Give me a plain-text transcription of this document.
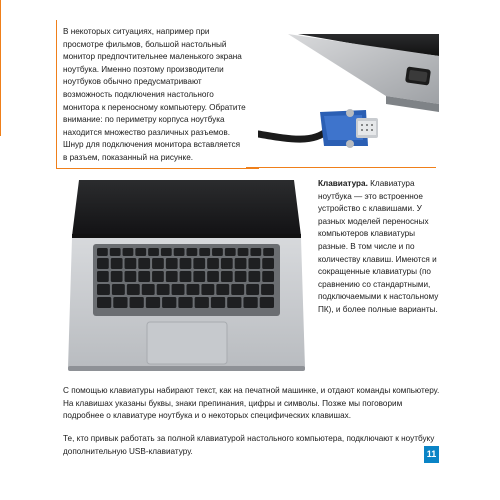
В некоторых ситуациях, например при просмотре фильмов, большой настольный монитор предпочтительнее маленького экрана ноутбука. Именно поэтому производители ноутбуков обычно предусматривают возможность подключения настольного монитора к переносному компьютеру. Обратите внимание: по периметру корпуса ноутбука находится множество различных разъемов. Шнур для подключения монитора вставляется в разъем, показанный на рисунке.

Клавиатура. Клавиатура ноутбука — это встроенное устройство с клавишами. У разных моделей переносных компьютеров клавиатуры разные. В том числе и по количеству клавиш. Имеются и сокращенные клавиатуры (по сравнению со стандартными, подключаемыми к настольному ПК), и более полные варианты.

С помощью клавиатуры набирают текст, как на печатной машинке, и отдают команды компьютеру. На клавишах указаны буквы, знаки препинания, цифры и символы. Позже мы поговорим подробнее о клавиатуре ноутбука и о некоторых специфических клавишах.

Те, кто привык работать за полной клавиатурой настольного компьютера, подключают к ноутбуку дополнительную USB-клавиатуру.	11
